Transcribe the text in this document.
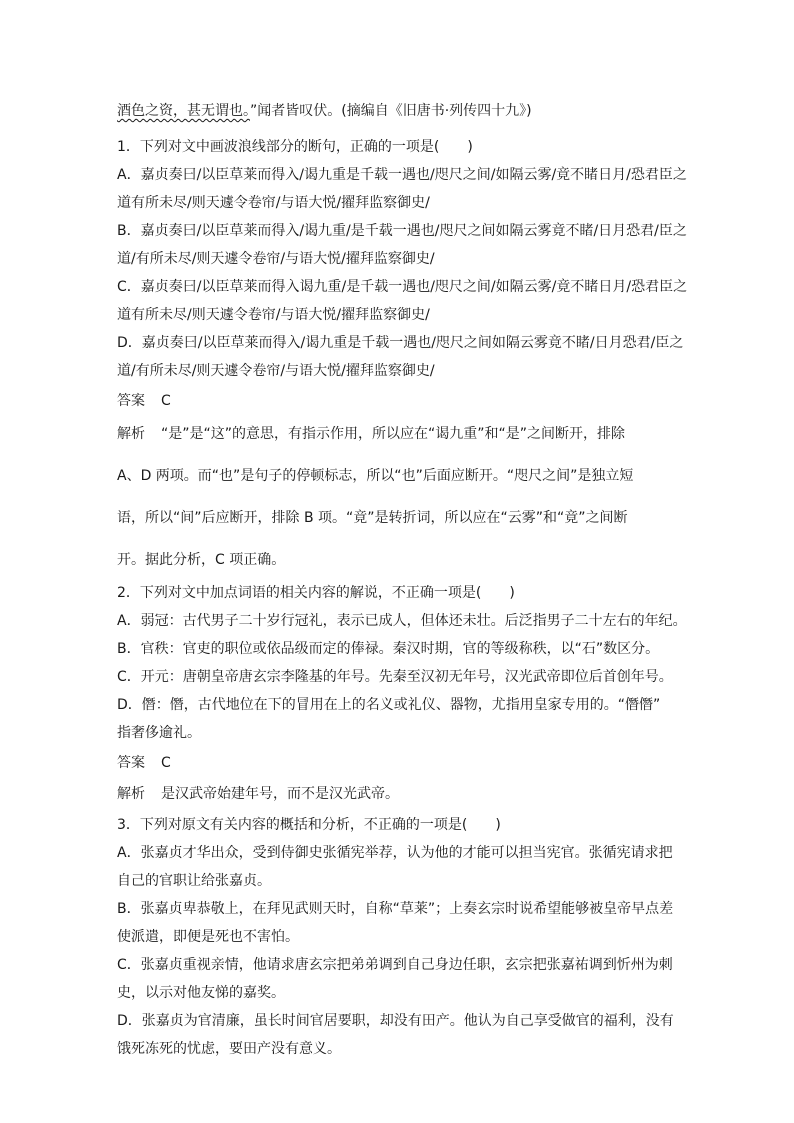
酒色之资，甚无谓也。”闻者皆叹伏。(摘编自《旧唐书·列传四十九》)
1．下列对文中画波浪线部分的断句，正确的一项是(　　)
A．嘉贞奏曰/以臣草莱而得入/谒九重是千载一遇也/咫尺之间/如隔云雾/竟不睹日月/恐君臣之
道有所未尽/则天遽令卷帘/与语大悦/擢拜监察御史/
B．嘉贞奏曰/以臣草莱而得入/谒九重/是千载一遇也/咫尺之间如隔云雾竟不睹/日月恐君/臣之
道/有所未尽/则天遽令卷帘/与语大悦/擢拜监察御史/
C．嘉贞奏曰/以臣草莱而得入谒九重/是千载一遇也/咫尺之间/如隔云雾/竟不睹日月/恐君臣之
道有所未尽/则天遽令卷帘/与语大悦/擢拜监察御史/
D．嘉贞奏曰/以臣草莱而得入/谒九重是千载一遇也/咫尺之间如隔云雾竟不睹/日月恐君/臣之
道/有所未尽/则天遽令卷帘/与语大悦/擢拜监察御史/
答案 C
解析 “是”是“这”的意思，有指示作用，所以应在“谒九重”和“是”之间断开，排除
A、D 两项。而“也”是句子的停顿标志，所以“也”后面应断开。“咫尺之间”是独立短
语，所以“间”后应断开，排除 B 项。“竟”是转折词，所以应在“云雾”和“竟”之间断
开。据此分析，C 项正确。
2．下列对文中加点词语的相关内容的解说，不正确一项是(　　)
A．弱冠：古代男子二十岁行冠礼，表示已成人，但体还未壮。后泛指男子二十左右的年纪。
B．官秩：官吏的职位或依品级而定的俸禄。秦汉时期，官的等级称秩，以“石”数区分。
C．开元：唐朝皇帝唐玄宗李隆基的年号。先秦至汉初无年号，汉光武帝即位后首创年号。
D．僭：僭，古代地位在下的冒用在上的名义或礼仪、器物，尤指用皇家专用的。“僭僭”
指奢侈逾礼。
答案 C
解析 是汉武帝始建年号，而不是汉光武帝。
3．下列对原文有关内容的概括和分析，不正确的一项是(　　)
A．张嘉贞才华出众，受到侍御史张循宪举荐，认为他的才能可以担当宪官。张循宪请求把
自己的官职让给张嘉贞。
B．张嘉贞卑恭敬上，在拜见武则天时，自称“草莱”；上奏玄宗时说希望能够被皇帝早点差
使派遣，即便是死也不害怕。
C．张嘉贞重视亲情，他请求唐玄宗把弟弟调到自己身边任职，玄宗把张嘉祐调到忻州为刺
史，以示对他友悌的嘉奖。
D．张嘉贞为官清廉，虽长时间官居要职，却没有田产。他认为自己享受做官的福利，没有
饿死冻死的忧虑，要田产没有意义。
